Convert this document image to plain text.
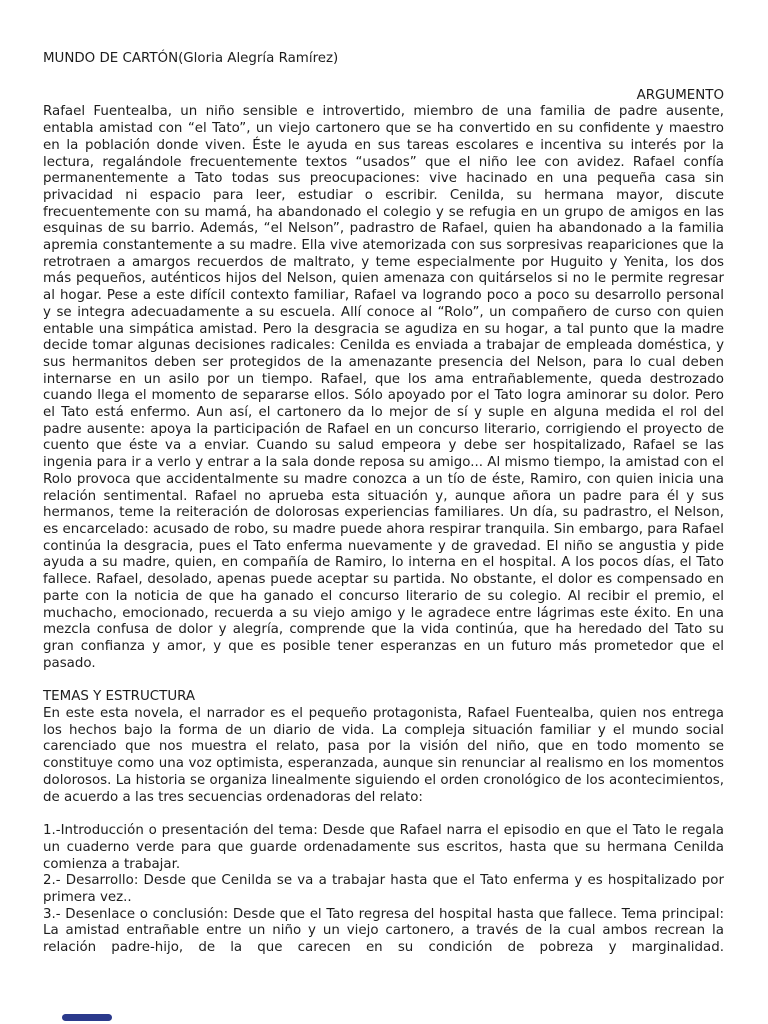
MUNDO DE CARTÓN(Gloria Alegría Ramírez)
ARGUMENTO

Rafael Fuentealba, un niño sensible e introvertido, miembro de una familia de padre ausente, entabla amistad con “el Tato”, un viejo cartonero que se ha convertido en su confidente y maestro en la población donde viven. Éste le ayuda en sus tareas escolares e incentiva su interés por la lectura, regalándole frecuentemente textos “usados” que el niño lee con avidez. Rafael confía permanentemente a Tato todas sus preocupaciones: vive hacinado en una pequeña casa sin privacidad ni espacio para leer, estudiar o escribir. Cenilda, su hermana mayor, discute frecuentemente con su mamá, ha abandonado el colegio y se refugia en un grupo de amigos en las esquinas de su barrio. Además, “el Nelson”, padrastro de Rafael, quien ha abandonado a la familia apremia constantemente a su madre. Ella vive atemorizada con sus sorpresivas reapariciones que la retrotraen a amargos recuerdos de maltrato, y teme especialmente por Huguito y Yenita, los dos más pequeños, auténticos hijos del Nelson, quien amenaza con quitárselos si no le permite regresar al hogar. Pese a este difícil contexto familiar, Rafael va logrando poco a poco su desarrollo personal y se integra adecuadamente a su escuela. Allí conoce al “Rolo”, un compañero de curso con quien entable una simpática amistad. Pero la desgracia se agudiza en su hogar, a tal punto que la madre decide tomar algunas decisiones radicales: Cenilda es enviada a trabajar de empleada doméstica, y sus hermanitos deben ser protegidos de la amenazante presencia del Nelson, para lo cual deben internarse en un asilo por un tiempo. Rafael, que los ama entrañablemente, queda destrozado cuando llega el momento de separarse ellos. Sólo apoyado por el Tato logra aminorar su dolor. Pero el Tato está enfermo. Aun así, el cartonero da lo mejor de sí y suple en alguna medida el rol del padre ausente: apoya la participación de Rafael en un concurso literario, corrigiendo el proyecto de cuento que éste va a enviar. Cuando su salud empeora y debe ser hospitalizado, Rafael se las ingenia para ir a verlo y entrar a la sala donde reposa su amigo... Al mismo tiempo, la amistad con el Rolo provoca que accidentalmente su madre conozca a un tío de éste, Ramiro, con quien inicia una relación sentimental. Rafael no aprueba esta situación y, aunque añora un padre para él y sus hermanos, teme la reiteración de dolorosas experiencias familiares. Un día, su padrastro, el Nelson, es encarcelado: acusado de robo, su madre puede ahora respirar tranquila. Sin embargo, para Rafael continúa la desgracia, pues el Tato enferma nuevamente y de gravedad. El niño se angustia y pide ayuda a su madre, quien, en compañía de Ramiro, lo interna en el hospital. A los pocos días, el Tato fallece. Rafael, desolado, apenas puede aceptar su partida. No obstante, el dolor es compensado en parte con la noticia de que ha ganado el concurso literario de su colegio. Al recibir el premio, el muchacho, emocionado, recuerda a su viejo amigo y le agradece entre lágrimas este éxito. En una mezcla confusa de dolor y alegría, comprende que la vida continúa, que ha heredado del Tato su gran confianza y amor, y que es posible tener esperanzas en un futuro más prometedor que el pasado.

TEMAS Y ESTRUCTURA

En este esta novela, el narrador es el pequeño protagonista, Rafael Fuentealba, quien nos entrega los hechos bajo la forma de un diario de vida. La compleja situación familiar y el mundo social carenciado que nos muestra el relato, pasa por la visión del niño, que en todo momento se constituye como una voz optimista, esperanzada, aunque sin renunciar al realismo en los momentos dolorosos. La historia se organiza linealmente siguiendo el orden cronológico de los acontecimientos, de acuerdo a las tres secuencias ordenadoras del relato:

1.-Introducción o presentación del tema: Desde que Rafael narra el episodio en que el Tato le regala un cuaderno verde para que guarde ordenadamente sus escritos, hasta que su hermana Cenilda comienza a trabajar.

2.- Desarrollo: Desde que Cenilda se va a trabajar hasta que el Tato enferma y es hospitalizado por primera vez..

3.- Desenlace o conclusión: Desde que el Tato regresa del hospital hasta que fallece. Tema principal: La amistad entrañable entre un niño y un viejo cartonero, a través de la cual ambos recrean la relación padre-hijo, de la que carecen en su condición de pobreza y marginalidad.
